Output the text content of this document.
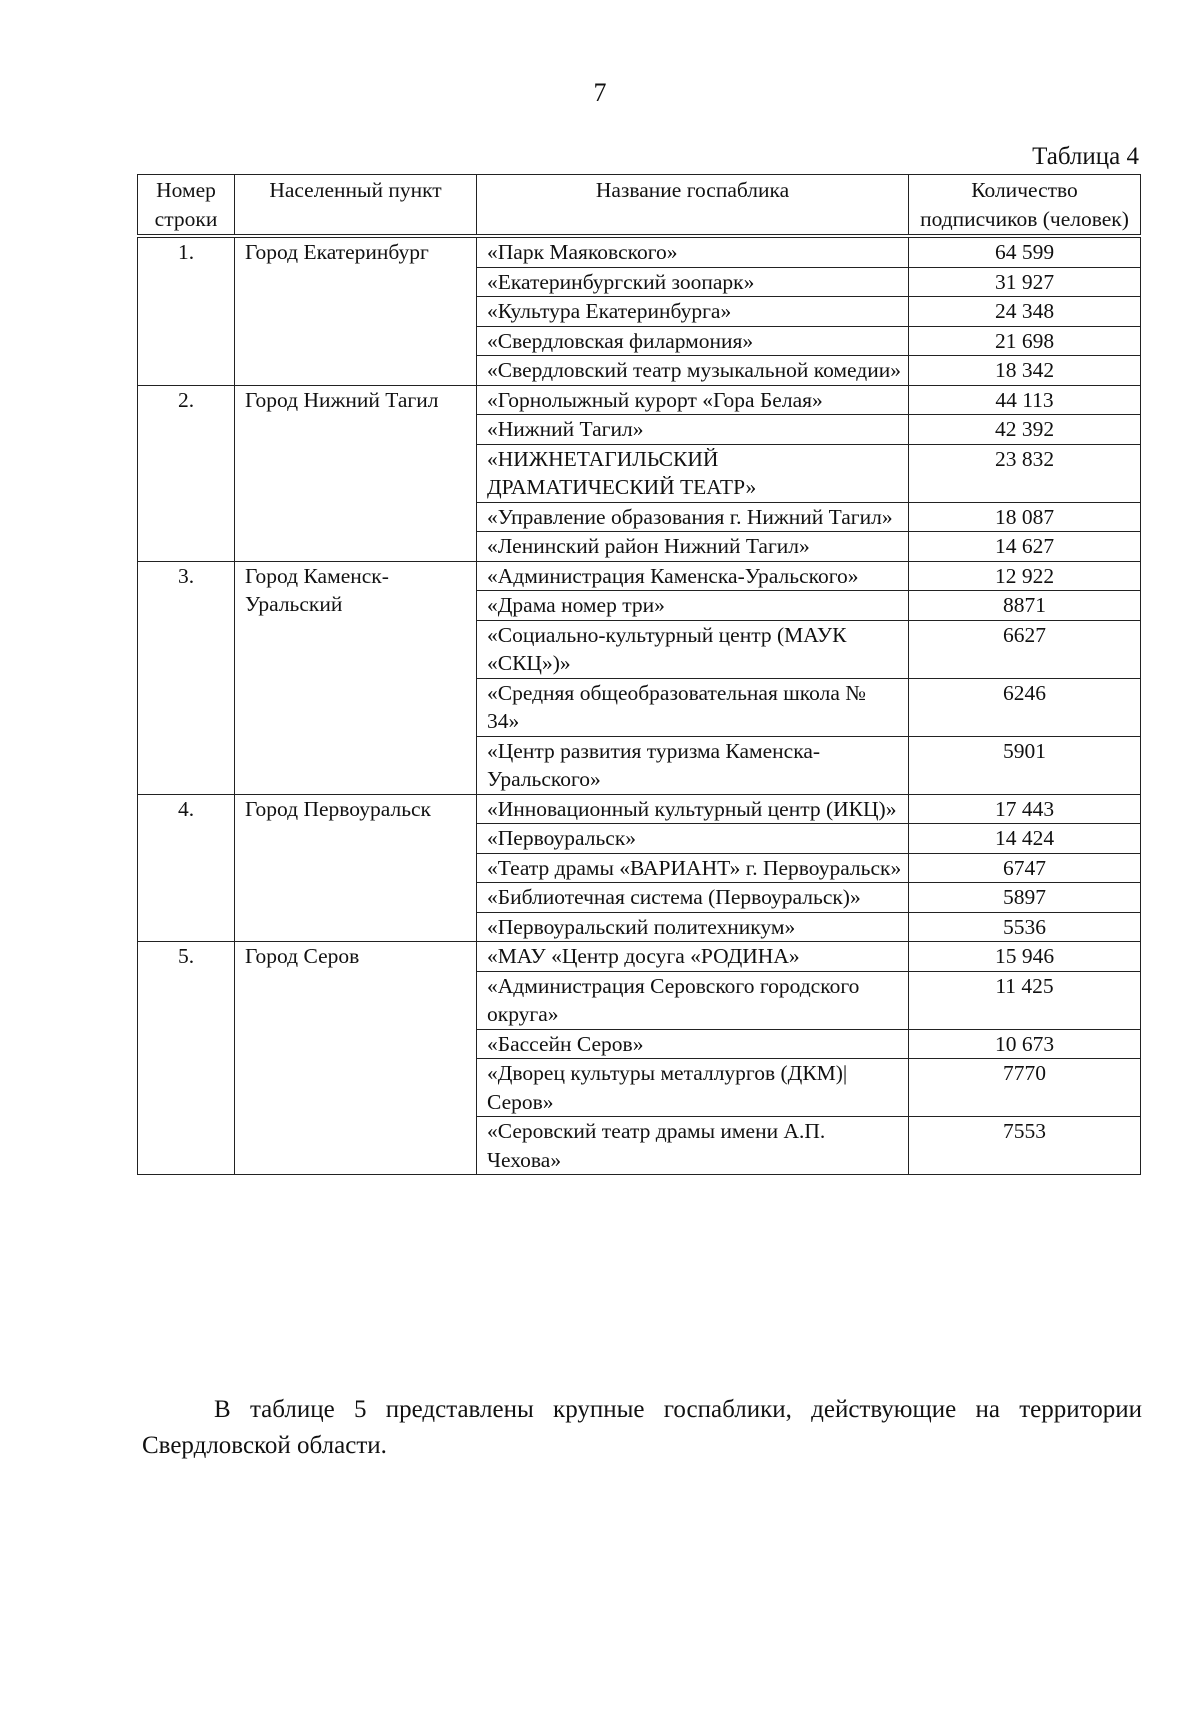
7
Таблица 4
Номер строки	Населенный пункт	Название госпаблика	Количество подписчиков (человек)
1.	Город Екатеринбург	«Парк Маяковского»	64 599
		«Екатеринбургский зоопарк»	31 927
		«Культура Екатеринбурга»	24 348
		«Свердловская филармония»	21 698
		«Свердловский театр музыкальной комедии»	18 342
2.	Город Нижний Тагил	«Горнолыжный курорт «Гора Белая»	44 113
		«Нижний Тагил»	42 392
		«НИЖНЕТАГИЛЬСКИЙ ДРАМАТИЧЕСКИЙ ТЕАТР»	23 832
		«Управление образования г. Нижний Тагил»	18 087
		«Ленинский район Нижний Тагил»	14 627
3.	Город Каменск-Уральский	«Администрация Каменска-Уральского»	12 922
		«Драма номер три»	8871
		«Социально-культурный центр (МАУК «СКЦ»)»	6627
		«Средняя общеобразовательная школа № 34»	6246
		«Центр развития туризма Каменска-Уральского»	5901
4.	Город Первоуральск	«Инновационный культурный центр (ИКЦ)»	17 443
		«Первоуральск»	14 424
		«Театр драмы «ВАРИАНТ» г. Первоуральск»	6747
		«Библиотечная система (Первоуральск)»	5897
		«Первоуральский политехникум»	5536
5.	Город Серов	«МАУ «Центр досуга «РОДИНА»	15 946
		«Администрация Серовского городского округа»	11 425
		«Бассейн Серов»	10 673
		«Дворец культуры металлургов (ДКМ)|Серов»	7770
		«Серовский театр драмы имени А.П. Чехова»	7553
В таблице 5 представлены крупные госпаблики, действующие на территории Свердловской области.
